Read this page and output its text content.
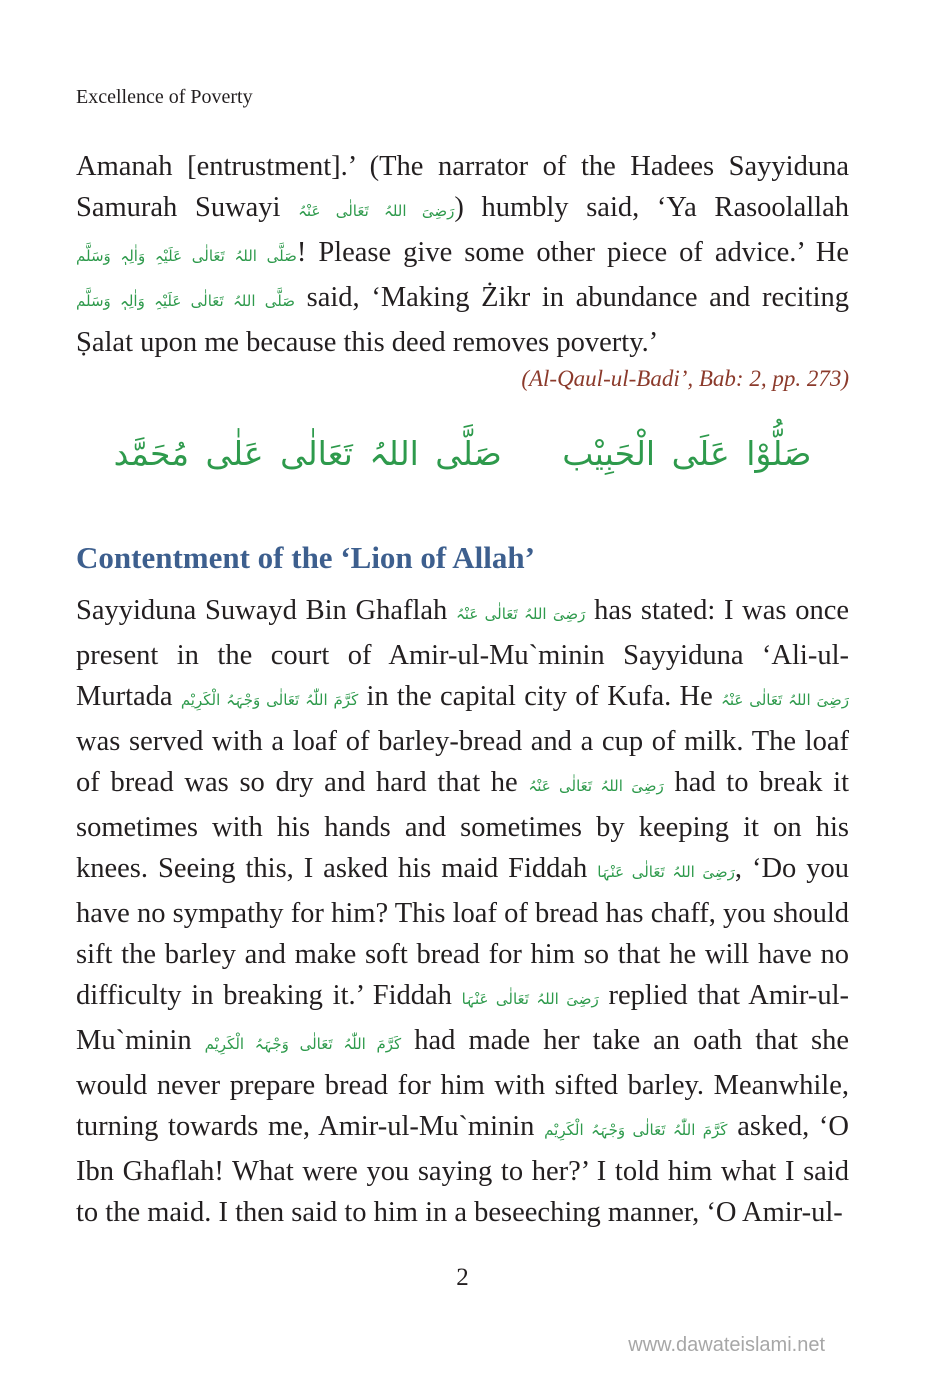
Excellence of Poverty

Amanah [entrustment].’ (The narrator of the Hadees Sayyiduna Samurah Suwayi رَضِیَ اللہُ تَعَالٰی عَنْہُ) humbly said, ‘Ya Rasoolallah صَلَّی اللہُ تَعَالٰی عَلَیْہِ وَاٰلِہٖ وَسَلَّم! Please give some other piece of advice.’ He صَلَّی اللہُ تَعَالٰی عَلَیْہِ وَاٰلِہٖ وَسَلَّم said, ‘Making Żikr in abundance and reciting Ṣalat upon me because this deed removes poverty.’

(Al-Qaul-ul-Badi’, Bab: 2, pp. 273)
صَلُّوْا عَلَی الْحَبِیْب صَلَّی اللہُ تَعَالٰی عَلٰی مُحَمَّد
Contentment of the ‘Lion of Allah’

Sayyiduna Suwayd Bin Ghaflah رَضِیَ اللہُ تَعَالٰی عَنْہُ has stated: I was once present in the court of Amir-ul-Mu`minin Sayyiduna ‘Ali-ul-Murtada کَرَّمَ اللّٰہُ تَعَالٰی وَجْہَہُ الْکَرِیْم in the capital city of Kufa. He رَضِیَ اللہُ تَعَالٰی عَنْہُ was served with a loaf of barley-bread and a cup of milk. The loaf of bread was so dry and hard that he رَضِیَ اللہُ تَعَالٰی عَنْہُ had to break it sometimes with his hands and sometimes by keeping it on his knees. Seeing this, I asked his maid Fiddah رَضِیَ اللہُ تَعَالٰی عَنْہَا, ‘Do you have no sympathy for him? This loaf of bread has chaff, you should sift the barley and make soft bread for him so that he will have no difficulty in breaking it.’ Fiddah رَضِیَ اللہُ تَعَالٰی عَنْہَا replied that Amir-ul-Mu`minin کَرَّمَ اللّٰہُ تَعَالٰی وَجْہَہُ الْکَرِیْم had made her take an oath that she would never prepare bread for him with sifted barley. Meanwhile, turning towards me, Amir-ul-Mu`minin کَرَّمَ اللّٰہُ تَعَالٰی وَجْہَہُ الْکَرِیْم asked, ‘O Ibn Ghaflah! What were you saying to her?’ I told him what I said to the maid. I then said to him in a beseeching manner, ‘O Amir-ul-

2
www.dawateislami.net
